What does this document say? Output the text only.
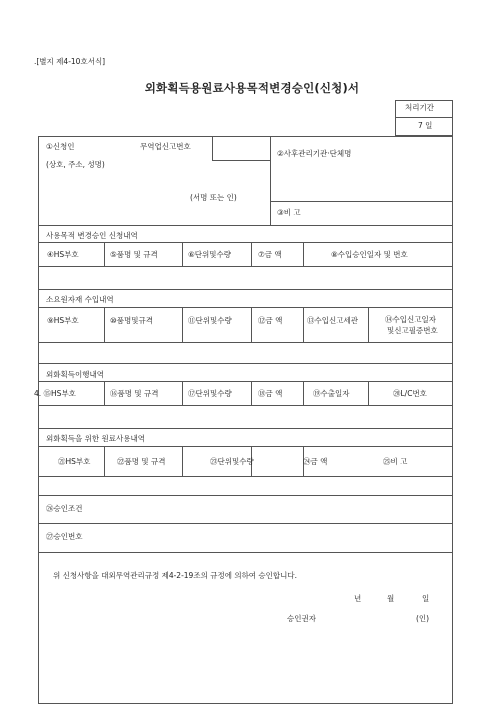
.[별지 제4-10호서식]
외화획득용원료사용목적변경승인(신청)서
처리기간
7 일
①신청인	무역업신고번호
(상호, 주소, 성명)
(서명 또는 인)
②사후관리기관·단체명
③비 고
사용목적 변경승인 신청내역
④HS부호	⑤품명 및 규격	⑥단위및수량	⑦금 액	⑧수입승인일자 및 번호
소요원자재 수입내역
⑨HS부호	⑩품명및규격	⑪단위및수량	⑫금 액	⑬수입신고세관	⑭수입신고일자
및신고필증번호
외화획득이행내역
4. ⑮HS부호	⑯품명 및 규격	⑰단위및수량	⑱금 액	⑲수출일자	⑳L/C번호
외화획득을 위한 원료사용내역
㉑HS부호	㉒품명 및 규격	㉓단위및수량	㉔금 액	㉕비 고
㉖승인조건
㉗승인번호
위 신청사항을 대외무역관리규정 제4-2-19조의 규정에 의하여 승인합니다.
년	월	일
승인권자	(인)
